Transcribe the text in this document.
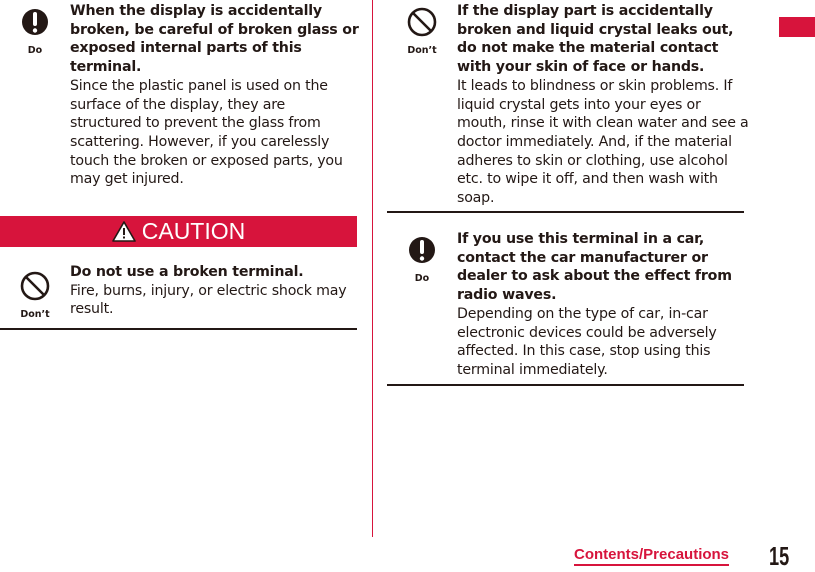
Do
When the display is accidentally broken, be careful of broken glass or exposed internal parts of this terminal.
Since the plastic panel is used on the surface of the display, they are structured to prevent the glass from scattering. However, if you carelessly touch the broken or exposed parts, you may get injured.
CAUTION
Don’t
Do not use a broken terminal.
Fire, burns, injury, or electric shock may result.
Don’t
If the display part is accidentally broken and liquid crystal leaks out, do not make the material contact with your skin of face or hands.
It leads to blindness or skin problems. If liquid crystal gets into your eyes or mouth, rinse it with clean water and see a doctor immediately. And, if the material adheres to skin or clothing, use alcohol etc. to wipe it off, and then wash with soap.
Do
If you use this terminal in a car, contact the car manufacturer or dealer to ask about the effect from radio waves.
Depending on the type of car, in-car electronic devices could be adversely affected. In this case, stop using this terminal immediately.
Contents/Precautions 15
